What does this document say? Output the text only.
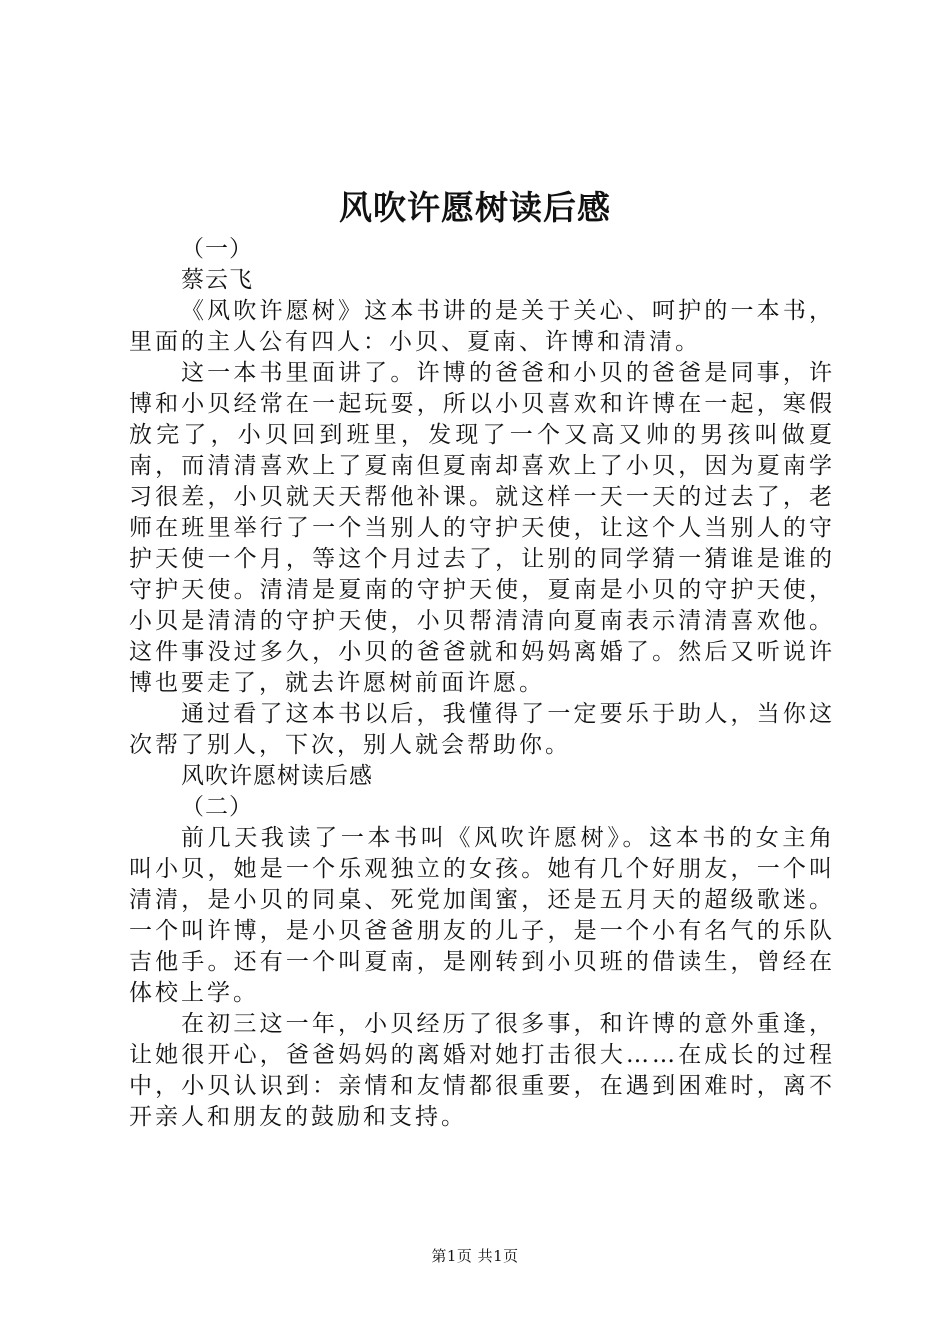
风吹许愿树读后感

（一）

蔡云飞

《风吹许愿树》这本书讲的是关于关心、呵护的一本书，里面的主人公有四人：小贝、夏南、许博和清清。

这一本书里面讲了。许博的爸爸和小贝的爸爸是同事，许博和小贝经常在一起玩耍，所以小贝喜欢和许博在一起，寒假放完了，小贝回到班里，发现了一个又高又帅的男孩叫做夏南，而清清喜欢上了夏南但夏南却喜欢上了小贝，因为夏南学习很差，小贝就天天帮他补课。就这样一天一天的过去了，老师在班里举行了一个当别人的守护天使，让这个人当别人的守护天使一个月，等这个月过去了，让别的同学猜一猜谁是谁的守护天使。清清是夏南的守护天使，夏南是小贝的守护天使，小贝是清清的守护天使，小贝帮清清向夏南表示清清喜欢他。这件事没过多久，小贝的爸爸就和妈妈离婚了。然后又听说许博也要走了，就去许愿树前面许愿。

通过看了这本书以后，我懂得了一定要乐于助人，当你这次帮了别人，下次，别人就会帮助你。

风吹许愿树读后感

（二）

前几天我读了一本书叫《风吹许愿树》。这本书的女主角叫小贝，她是一个乐观独立的女孩。她有几个好朋友，一个叫清清，是小贝的同桌、死党加闺蜜，还是五月天的超级歌迷。一个叫许博，是小贝爸爸朋友的儿子，是一个小有名气的乐队吉他手。还有一个叫夏南，是刚转到小贝班的借读生，曾经在体校上学。

在初三这一年，小贝经历了很多事，和许博的意外重逢，让她很开心，爸爸妈妈的离婚对她打击很大……在成长的过程中，小贝认识到：亲情和友情都很重要，在遇到困难时，离不开亲人和朋友的鼓励和支持。

第1页 共1页
